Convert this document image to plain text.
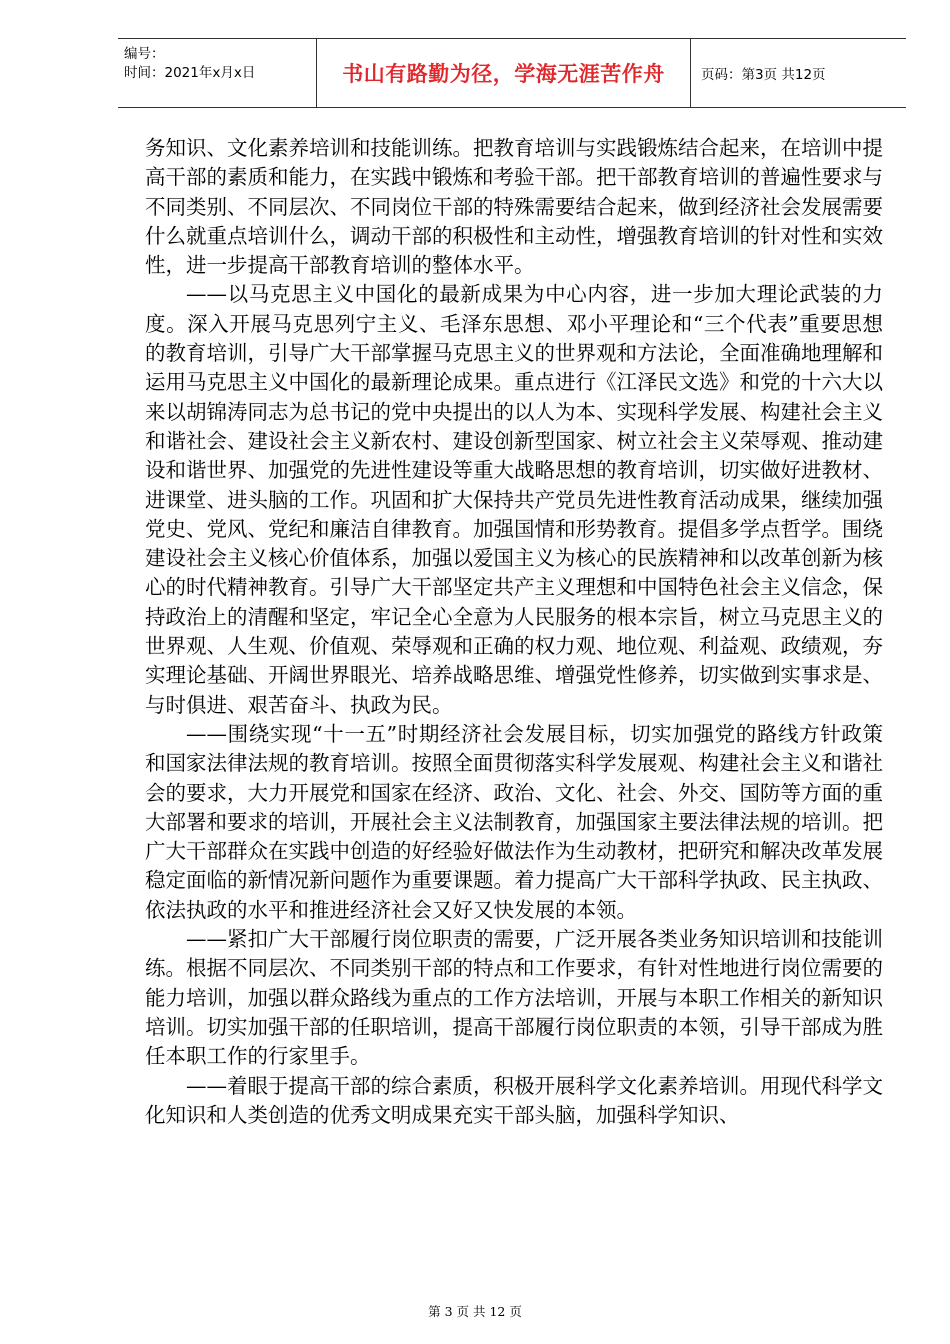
编号：
时间：2021年x月x日	书山有路勤为径，学海无涯苦作舟	页码：第3页 共12页

务知识、文化素养培训和技能训练。把教育培训与实践锻炼结合起来，在培训中提高干部的素质和能力，在实践中锻炼和考验干部。把干部教育培训的普遍性要求与不同类别、不同层次、不同岗位干部的特殊需要结合起来，做到经济社会发展需要什么就重点培训什么，调动干部的积极性和主动性，增强教育培训的针对性和实效性，进一步提高干部教育培训的整体水平。

——以马克思主义中国化的最新成果为中心内容，进一步加大理论武装的力度。深入开展马克思列宁主义、毛泽东思想、邓小平理论和“三个代表”重要思想的教育培训，引导广大干部掌握马克思主义的世界观和方法论，全面准确地理解和运用马克思主义中国化的最新理论成果。重点进行《江泽民文选》和党的十六大以来以胡锦涛同志为总书记的党中央提出的以人为本、实现科学发展、构建社会主义和谐社会、建设社会主义新农村、建设创新型国家、树立社会主义荣辱观、推动建设和谐世界、加强党的先进性建设等重大战略思想的教育培训，切实做好进教材、进课堂、进头脑的工作。巩固和扩大保持共产党员先进性教育活动成果，继续加强党史、党风、党纪和廉洁自律教育。加强国情和形势教育。提倡多学点哲学。围绕建设社会主义核心价值体系，加强以爱国主义为核心的民族精神和以改革创新为核心的时代精神教育。引导广大干部坚定共产主义理想和中国特色社会主义信念，保持政治上的清醒和坚定，牢记全心全意为人民服务的根本宗旨，树立马克思主义的世界观、人生观、价值观、荣辱观和正确的权力观、地位观、利益观、政绩观，夯实理论基础、开阔世界眼光、培养战略思维、增强党性修养，切实做到实事求是、与时俱进、艰苦奋斗、执政为民。

——围绕实现“十一五”时期经济社会发展目标，切实加强党的路线方针政策和国家法律法规的教育培训。按照全面贯彻落实科学发展观、构建社会主义和谐社会的要求，大力开展党和国家在经济、政治、文化、社会、外交、国防等方面的重大部署和要求的培训，开展社会主义法制教育，加强国家主要法律法规的培训。把广大干部群众在实践中创造的好经验好做法作为生动教材，把研究和解决改革发展稳定面临的新情况新问题作为重要课题。着力提高广大干部科学执政、民主执政、依法执政的水平和推进经济社会又好又快发展的本领。

——紧扣广大干部履行岗位职责的需要，广泛开展各类业务知识培训和技能训练。根据不同层次、不同类别干部的特点和工作要求，有针对性地进行岗位需要的能力培训，加强以群众路线为重点的工作方法培训，开展与本职工作相关的新知识培训。切实加强干部的任职培训，提高干部履行岗位职责的本领，引导干部成为胜任本职工作的行家里手。

——着眼于提高干部的综合素质，积极开展科学文化素养培训。用现代科学文化知识和人类创造的优秀文明成果充实干部头脑，加强科学知识、

第 3 页 共 12 页
